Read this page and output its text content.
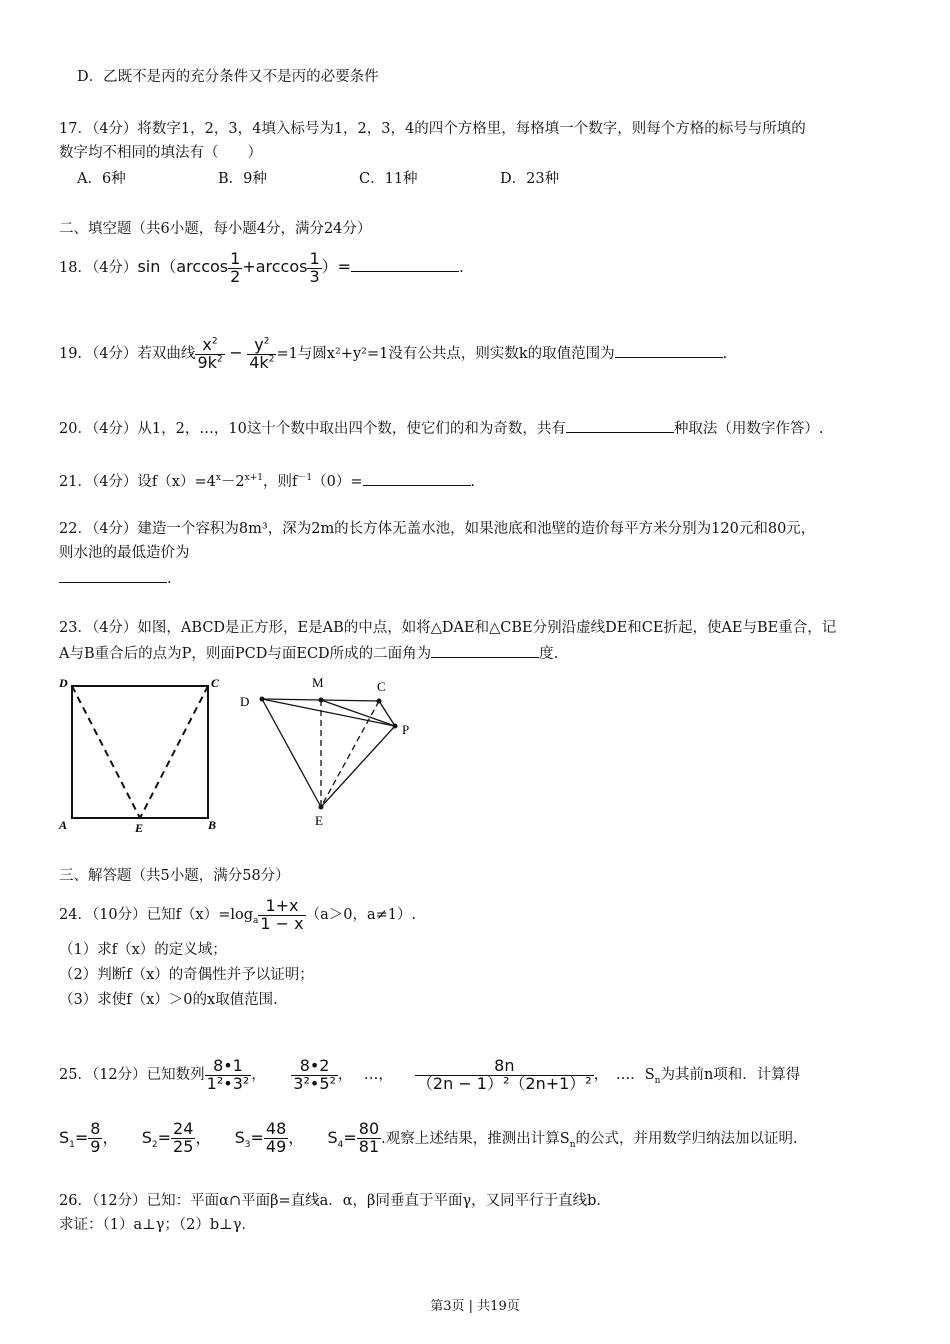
D．乙既不是丙的充分条件又不是丙的必要条件
17．（4分）将数字1，2，3，4填入标号为1，2，3，4的四个方格里，每格填一个数字，则每个方格的标号与所填的
数字均不相同的填法有（　　）
A．6种	B．9种	C．11种	D．23种
二、填空题（共6小题，每小题4分，满分24分）
18．（4分）$\sin(\arccos \frac{1}{2} +\arccos \frac{1}{3}$ ）=	.
19．（4分）若双曲线 $\frac{x^2}{9k^2} - \frac{y^2}{4k^2} =1$与圆x²+y²=1没有公共点，则实数k的取值范围为	.
20．（4分）从1，2，…，10这十个数中取出四个数，使它们的和为奇数，共有	种取法（用数字作答）.
21．（4分）设$f(x)=4^x-2^{x+1}$，则$f^{-1}(0)=$	.
22．（4分）建造一个容积为8m³，深为2m的长方体无盖水池，如果池底和池壁的造价每平方米分别为120元和80元，
则水池的最低造价为
.
23．（4分）如图，ABCD是正方形，E是AB的中点，如将△DAE和△CBE分别沿虚线DE和CE折起，使AE与BE重合，记
A与B重合后的点为P，则面PCD与面ECD所成的二面角为	度.
D	C
A	B
E
D
M	C
P
E
三、解答题（共5小题，满分58分）
24．（10分）已知$f(x)=\log_a \frac{1+x}{1 - x} (a>0$，a≠1）.
（1）求f（x）的定义域；
（2）判断f（x）的奇偶性并予以证明；
（3）求使f（x）＞0的x取值范围.
25．（12分）已知数列 $\frac{8•1}{\text{1²•3²}}$ ， $\frac{8•2}{\text{3²•5²}}$ ， …， $\frac{8n}{\text{（2n − 1）²（2n+1）²}}$ ， …．$S_n$为其前n项和．计算得
$S_1= \frac{8}{9}$ ， $S_2= \frac{24}{25}$ ， $S_3= \frac{48}{49}$ ， $S_4= \frac{80}{81}$ .观察上述结果，推测出计算$S_n$的公式，并用数学归纳法加以证明.
26．（12分）已知：平面α∩平面β=直线a．α，β同垂直于平面γ，又同平行于直线b．
求证：（1）a⊥γ；（2）b⊥γ．
第3页 | 共19页
